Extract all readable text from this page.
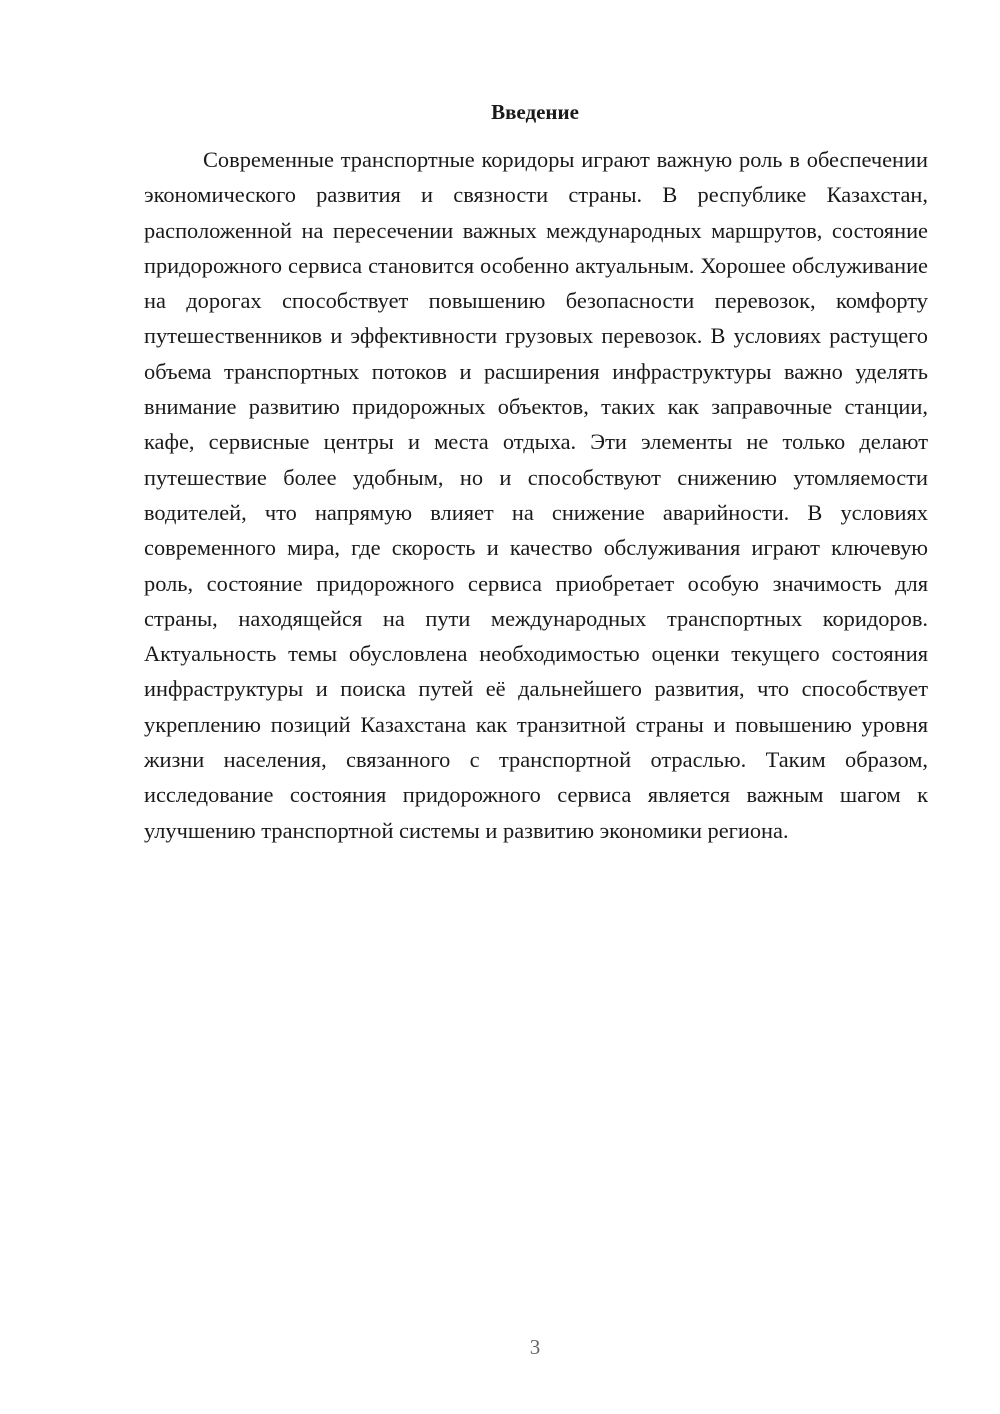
Введение

Современные транспортные коридоры играют важную роль в обеспечении экономического развития и связности страны. В республике Казахстан, расположенной на пересечении важных международных маршрутов, состояние придорожного сервиса становится особенно актуальным. Хорошее обслуживание на дорогах способствует повышению безопасности перевозок, комфорту путешественников и эффективности грузовых перевозок. В условиях растущего объема транспортных потоков и расширения инфраструктуры важно уделять внимание развитию придорожных объектов, таких как заправочные станции, кафе, сервисные центры и места отдыха. Эти элементы не только делают путешествие более удобным, но и способствуют снижению утомляемости водителей, что напрямую влияет на снижение аварийности. В условиях современного мира, где скорость и качество обслуживания играют ключевую роль, состояние придорожного сервиса приобретает особую значимость для страны, находящейся на пути международных транспортных коридоров. Актуальность темы обусловлена необходимостью оценки текущего состояния инфраструктуры и поиска путей её дальнейшего развития, что способствует укреплению позиций Казахстана как транзитной страны и повышению уровня жизни населения, связанного с транспортной отраслью. Таким образом, исследование состояния придорожного сервиса является важным шагом к улучшению транспортной системы и развитию экономики региона.

3
